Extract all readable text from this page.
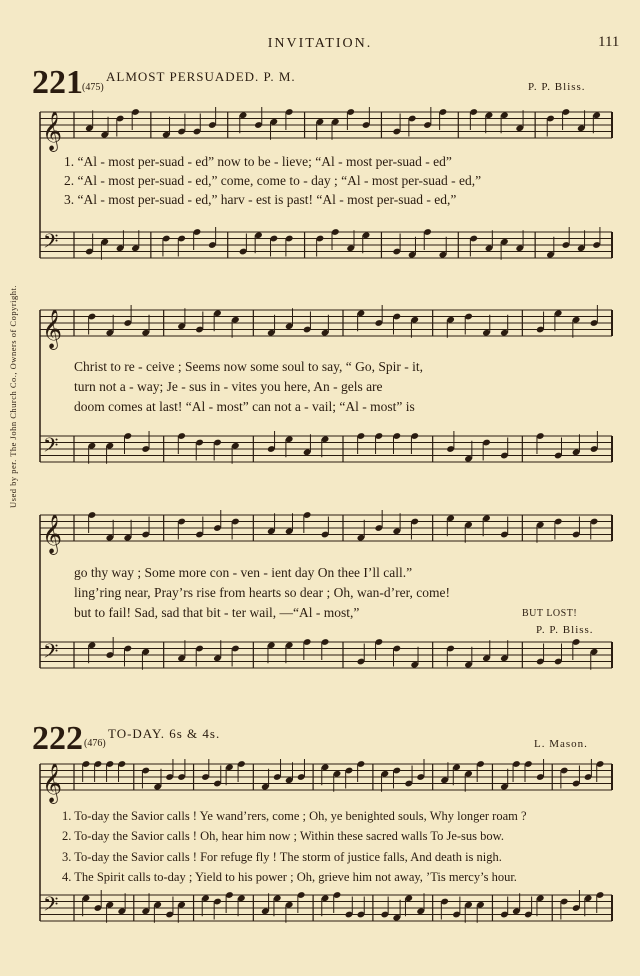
INVITATION.	111
Used by per. The John Church Co., Owners of Copyright.
221 (475)
ALMOST PERSUADED. P. M.
P. P. Bliss.
1. “Al - most per-suad - ed” now to be - lieve; “Al - most per-suad - ed”
2. “Al - most per-suad - ed,” come, come to - day ; “Al - most per-suad - ed,”
3. “Al - most per-suad - ed,” harv - est is past! “Al - most per-suad - ed,”
Christ to re - ceive ; Seems now some soul to say, “ Go, Spir - it,
turn not a - way; Je - sus in - vites you here, An - gels are
doom comes at last! “Al - most” can not a - vail; “Al - most” is
go thy way ; Some more con - ven - ient day On thee I’ll call.”
ling’ring near, Pray’rs rise from hearts so dear ; Oh, wan-d’rer, come!
but to fail! Sad, sad that bit - ter wail, —“Al - most,”	BUT LOST!
P. P. Bliss.
222 (476)
TO-DAY. 6s & 4s.
L. Mason.
1. To-day the Savior calls ! Ye wand’rers, come ; Oh, ye benighted souls, Why longer roam ?
2. To-day the Savior calls ! Oh, hear him now ; Within these sacred walls To Je-sus bow.
3. To-day the Savior calls ! For refuge fly ! The storm of justice falls, And death is nigh.
4. The Spirit calls to-day ; Yield to his power ; Oh, grieve him not away, ’Tis mercy’s hour.
𝄞
𝄢
𝄞
𝄢
𝄞
𝄢
𝄞
𝄢
